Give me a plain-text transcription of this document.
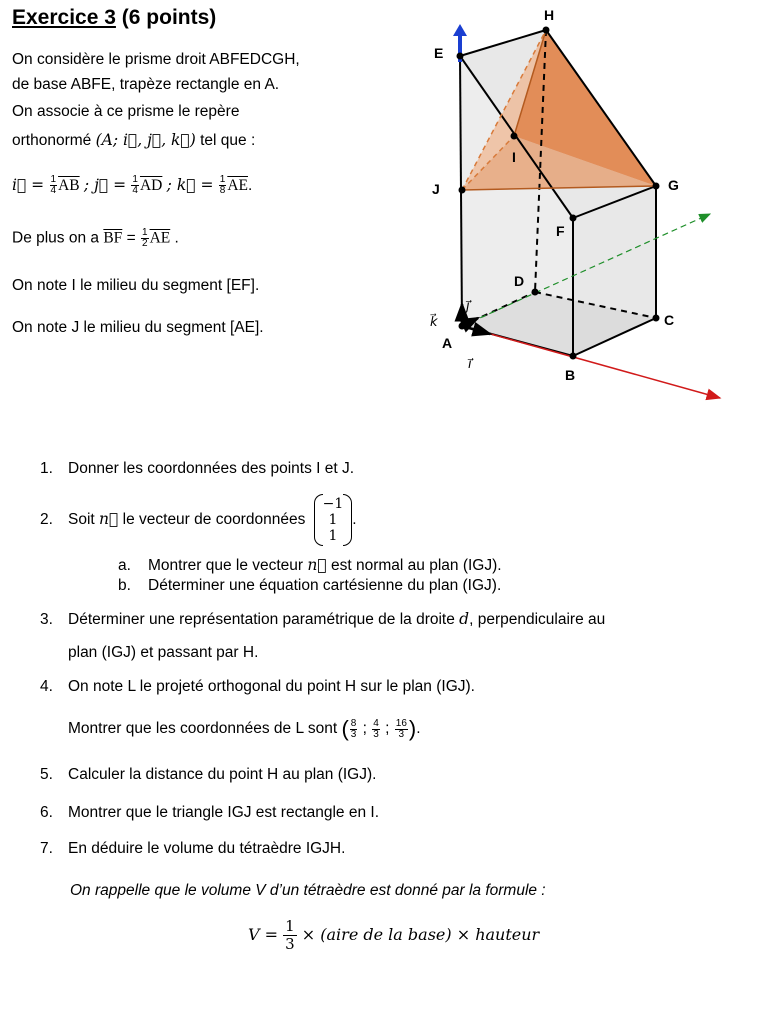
Exercice 3 (6 points)
On considère le prisme droit ABFEDCGH,
de base ABFE, trapèze rectangle en A.
On associe à ce prisme le repère
orthonormé (A; i⃗, j⃗, k⃗) tel que :
i⃗ = $\frac{1}{4} \overline{AB}$ ; j⃗ = $\frac{1}{4} \overline{AD}$ ; k⃗ = $\frac{1}{8} \overline{AE}$.
De plus on a $\overline{BF} = \frac{1}{2} \overline{AE}$ .
On note I le milieu du segment [EF].
On note J le milieu du segment [AE].
E
H
G
F
I
J
D
A
B
C
k⃗
j⃗
i⃗
1. Donner les coordonnées des points I et J.
2. Soit n⃗ le vecteur de coordonnées
−1
1
1
.
a. Montrer que le vecteur n⃗ est normal au plan (IGJ).
b. Déterminer une équation cartésienne du plan (IGJ).
3. Déterminer une représentation paramétrique de la droite d, perpendiculaire au
plan (IGJ) et passant par H.
4. On note L le projeté orthogonal du point H sur le plan (IGJ).
Montrer que les coordonnées de L sont ( $\frac{8}{3}$ ; $\frac{4}{3}$ ; $\frac{16}{3}$ ).
5. Calculer la distance du point H au plan (IGJ).
6. Montrer que le triangle IGJ est rectangle en I.
7. En déduire le volume du tétraèdre IGJH.
On rappelle que le volume V d’un tétraèdre est donné par la formule :
$V = \frac{1}{3}$ × (aire de la base) × hauteur
